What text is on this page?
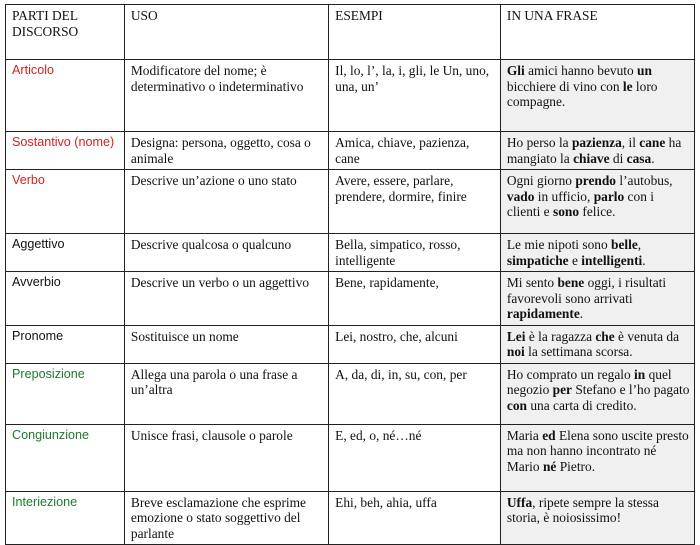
PARTI DEL DISCORSO	USO	ESEMPI	IN UNA FRASE
Articolo	Modificatore del nome; è determinativo o indeterminativo	Il, lo, l’, la, i, gli, le Un, uno, una, un’	Gli amici hanno bevuto un bicchiere di vino con le loro compagne.
Sostantivo (nome)	Designa: persona, oggetto, cosa o animale	Amica, chiave, pazienza, cane	Ho perso la pazienza, il cane ha mangiato la chiave di casa.
Verbo	Descrive un’azione o uno stato	Avere, essere, parlare, prendere, dormire, finire	Ogni giorno prendo l’autobus, vado in ufficio, parlo con i clienti e sono felice.
Aggettivo	Descrive qualcosa o qualcuno	Bella, simpatico, rosso, intelligente	Le mie nipoti sono belle, simpatiche e intelligenti.
Avverbio	Descrive un verbo o un aggettivo	Bene, rapidamente,	Mi sento bene oggi, i risultati favorevoli sono arrivati rapidamente.
Pronome	Sostituisce un nome	Lei, nostro, che, alcuni	Lei è la ragazza che è venuta da noi la settimana scorsa.
Preposizione	Allega una parola o una frase a un’altra	A, da, di, in, su, con, per	Ho comprato un regalo in quel negozio per Stefano e l’ho pagato con una carta di credito.
Congiunzione	Unisce frasi, clausole o parole	E, ed, o, né…né	Maria ed Elena sono uscite presto ma non hanno incontrato né Mario né Pietro.
Interiezione	Breve esclamazione che esprime emozione o stato soggettivo del parlante	Ehi, beh, ahia, uffa	Uffa, ripete sempre la stessa storia, è noiosissimo!
